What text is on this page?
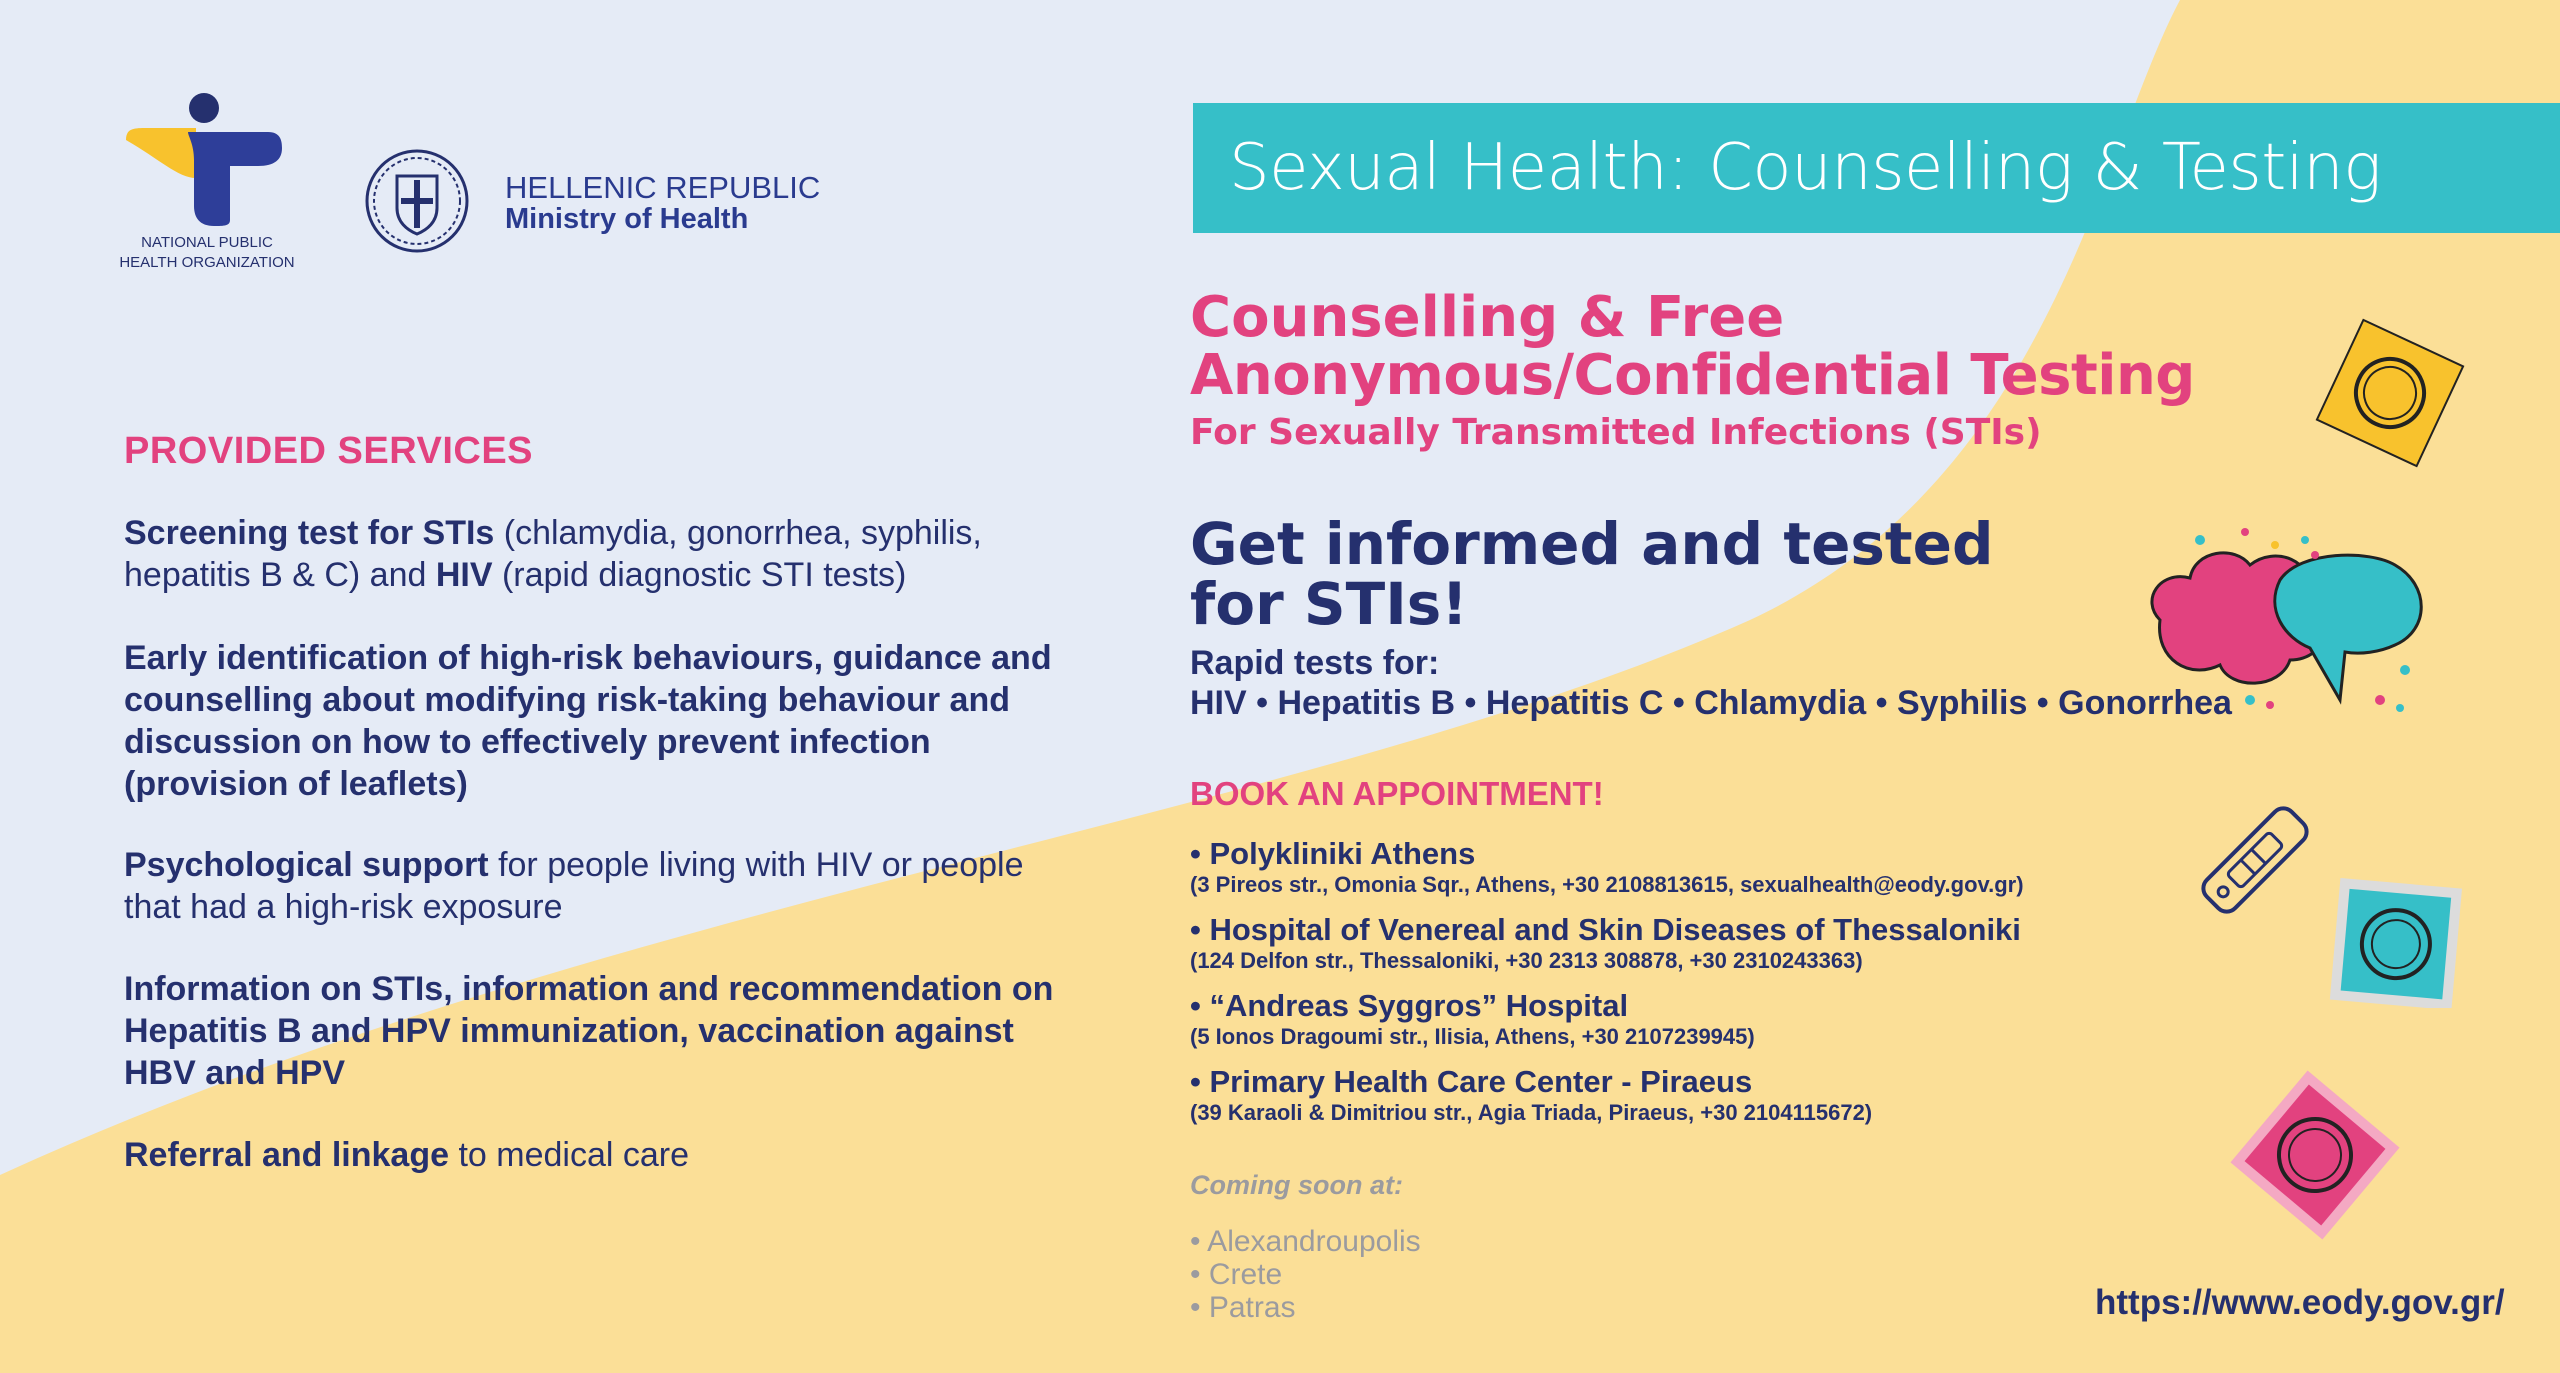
NATIONAL PUBLIC
HEALTH ORGANIZATION
HELLENIC REPUBLIC
Ministry of Health
PROVIDED SERVICES
Screening test for STIs (chlamydia, gonorrhea, syphilis, hepatitis B & C) and HIV (rapid diagnostic STI tests)
Early identification of high-risk behaviours, guidance and counselling about modifying risk-taking behaviour and discussion on how to effectively prevent infection (provision of leaflets)
Psychological support for people living with HIV or people that had a high-risk exposure
Information on STIs, information and recommendation on Hepatitis B and HPV immunization, vaccination against HBV and HPV
Referral and linkage to medical care
Sexual Health: Counselling & Testing
Counselling & Free
Anonymous/Confidential Testing
For Sexually Transmitted Infections (STIs)
Get informed and tested
for STIs!
Rapid tests for:
HIV • Hepatitis B • Hepatitis C • Chlamydia • Syphilis • Gonorrhea
BOOK AN APPOINTMENT!
• Polykliniki Athens
(3 Pireos str., Omonia Sqr., Athens, +30 2108813615, sexualhealth@eody.gov.gr)
• Hospital of Venereal and Skin Diseases of Thessaloniki
(124 Delfon str., Thessaloniki, +30 2313 308878, +30 2310243363)
• “Andreas Syggros” Hospital
(5 Ionos Dragoumi str., Ilisia, Athens, +30 2107239945)
• Primary Health Care Center - Piraeus
(39 Karaoli & Dimitriou str., Agia Triada, Piraeus, +30 2104115672)
Coming soon at:
• Alexandroupolis
• Crete
• Patras	https://www.eody.gov.gr/
